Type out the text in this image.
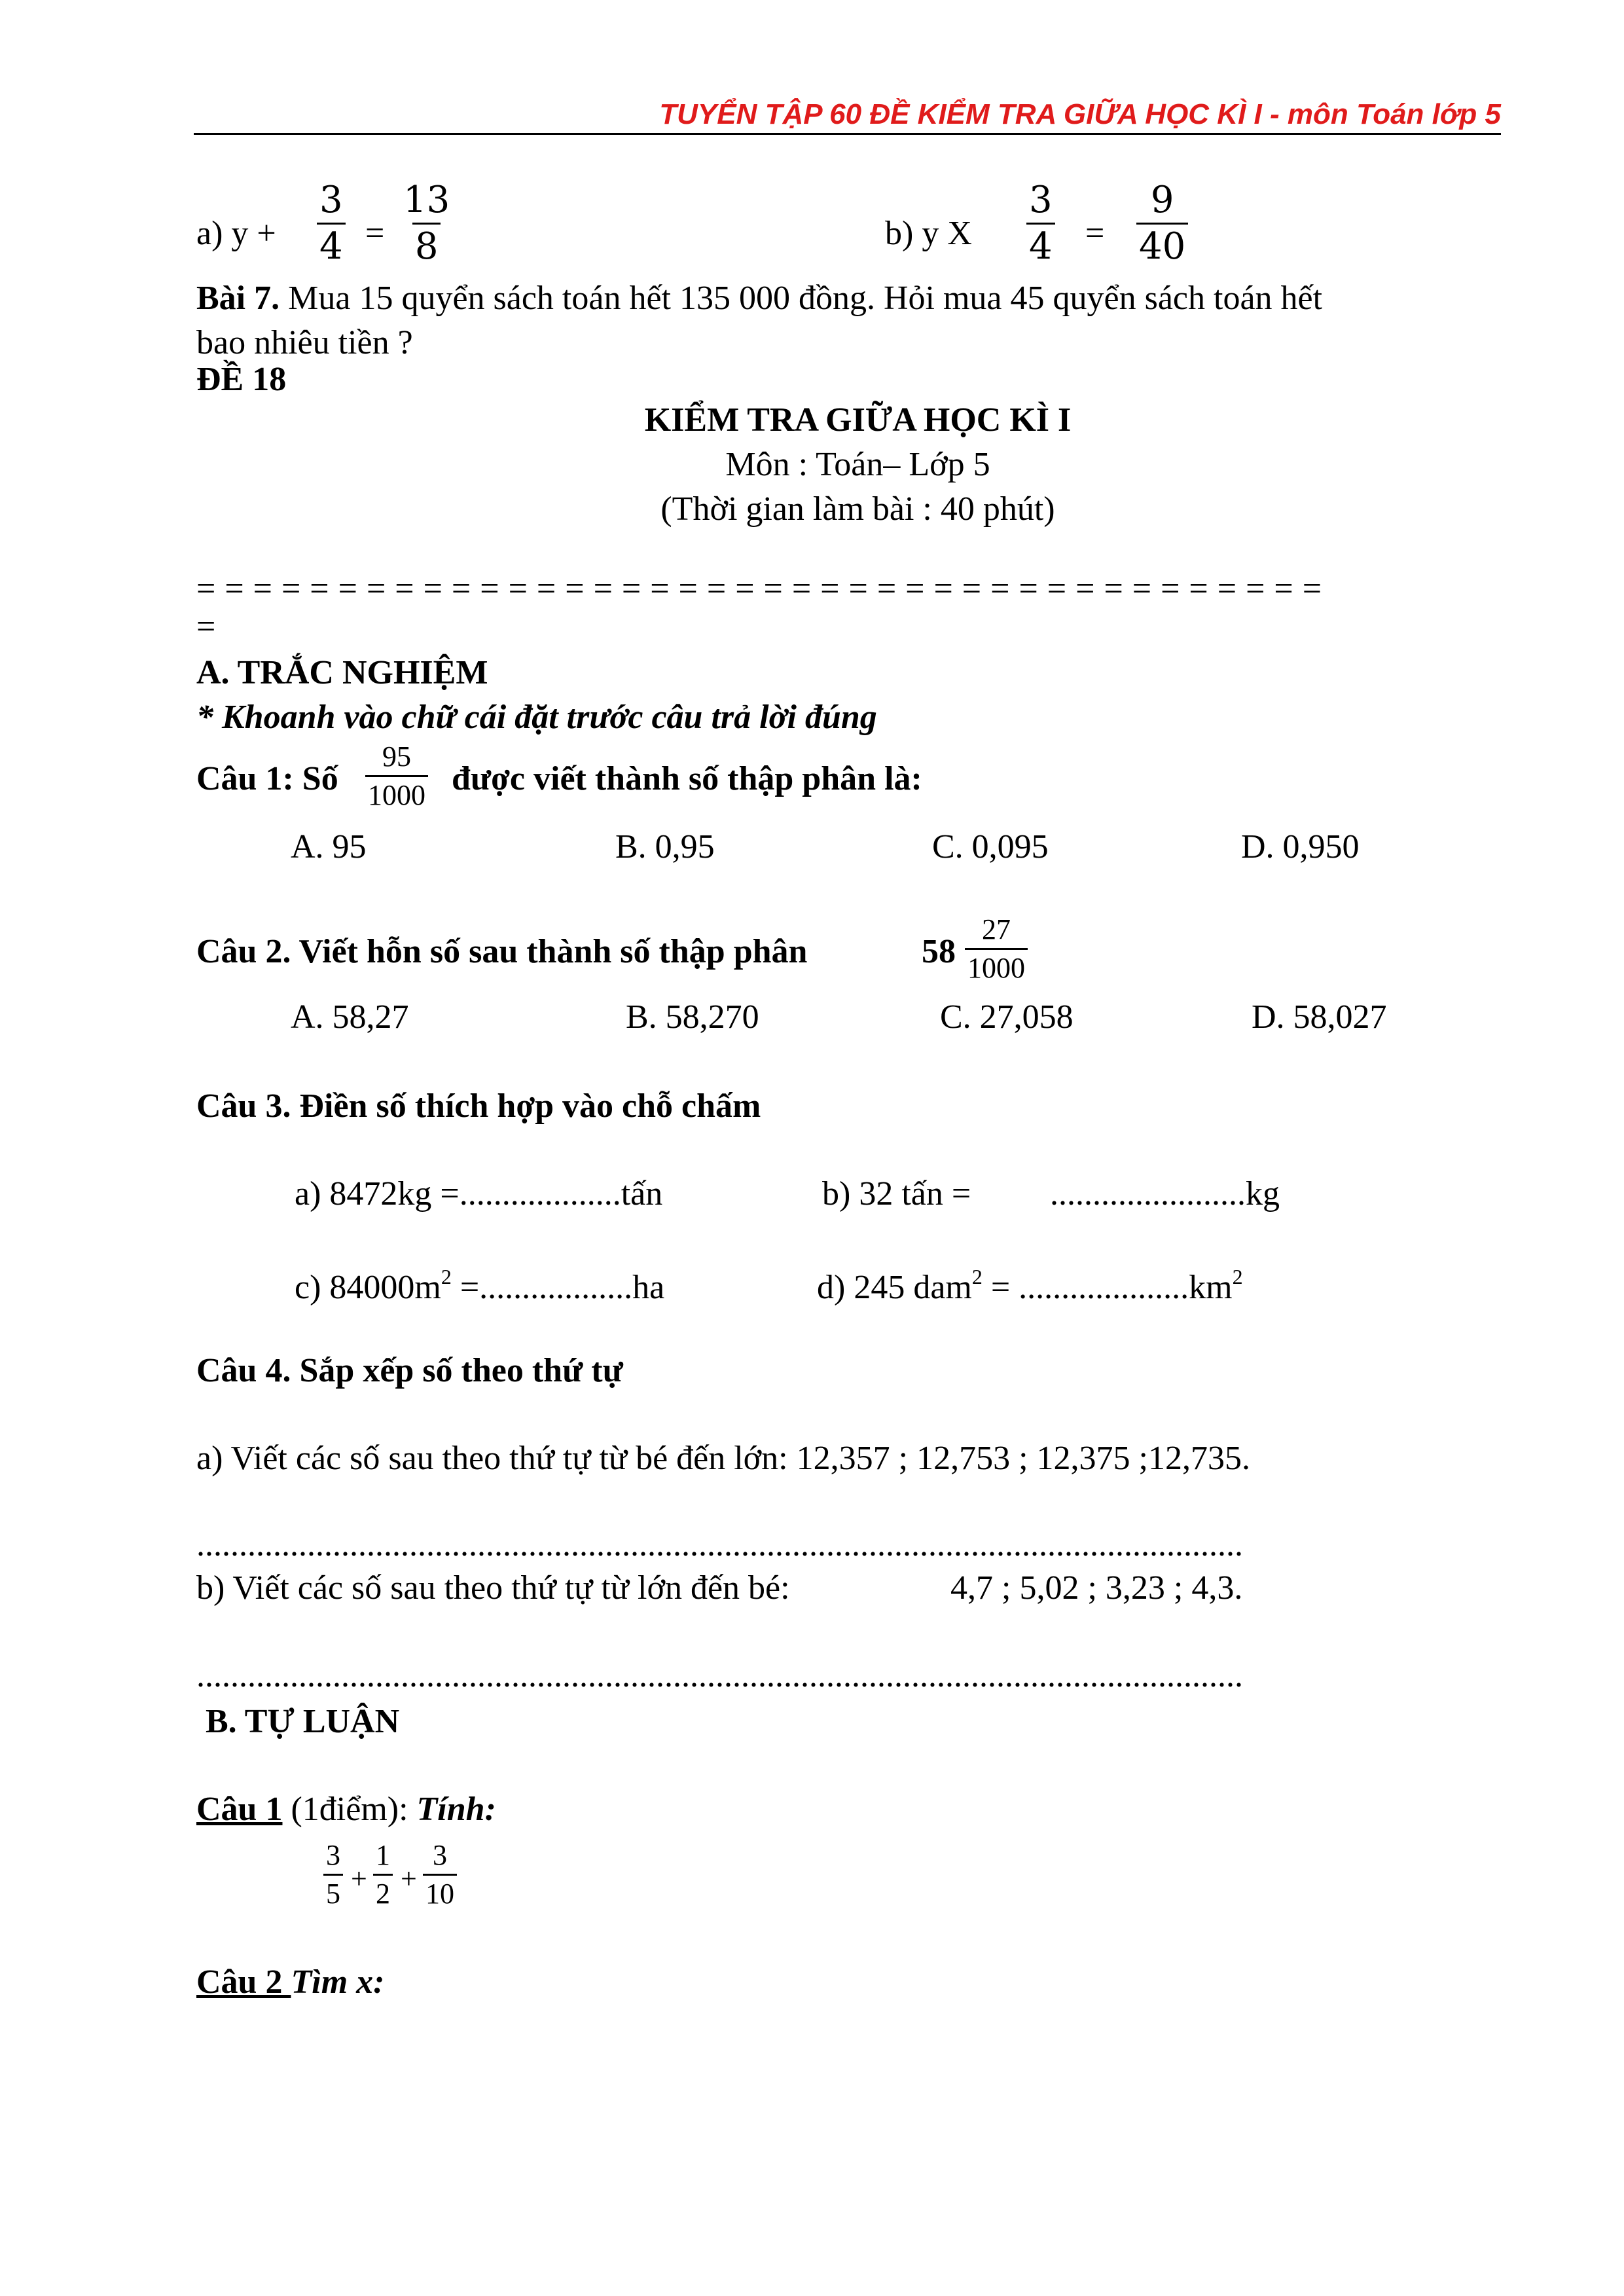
TUYỂN TẬP 60 ĐỀ KIỂM TRA GIỮA HỌC KÌ I - môn Toán lớp 5
a) $y + \frac{3}{4} = \frac{13}{8}$	b) y X $\frac{3}{4} = \frac{9}{40}$
Bài 7. Mua 15 quyển sách toán hết 135 000 đồng. Hỏi mua 45 quyển sách toán hết
bao nhiêu tiền ?
ĐỀ 18
KIỂM TRA GIỮA HỌC KÌ I
Môn : Toán– Lớp 5
(Thời gian làm bài : 40 phút)
= = = = = = = = = = = = = = = = = = = = = = = = = = = = = = = = = = = = = = = =
=
A. TRẮC NGHIỆM
* Khoanh vào chữ cái đặt trước câu trả lời đúng
Câu 1: Số $\frac{95}{1000}$ được viết thành số thập phân là:
A. 95	B. 0,95	C. 0,095	D. 0,950
Câu 2. Viết hỗn số sau thành số thập phân	$58 \frac{27}{1000}$
A. 58,27	B. 58,270	C. 27,058	D. 58,027
Câu 3. Điền số thích hợp vào chỗ chấm
a) 8472kg =...................tấn	b) 32 tấn = .......................kg
c) $84000m^2 =..................ha$	d) 245 $dam^2 = ....................km^2$
Câu 4. Sắp xếp số theo thứ tự
a) Viết các số sau theo thứ tự từ bé đến lớn: 12,357 ; 12,753 ; 12,375 ;12,735.
...........................................................................................................................
b) Viết các số sau theo thứ tự từ lớn đến bé:	4,7 ; 5,02 ; 3,23 ; 4,3.
...........................................................................................................................
B. TỰ LUẬN
Câu 1 (1điểm): Tính:
$\frac{3}{5} + \frac{1}{2} + \frac{3}{10}$
Câu 2 Tìm x:
